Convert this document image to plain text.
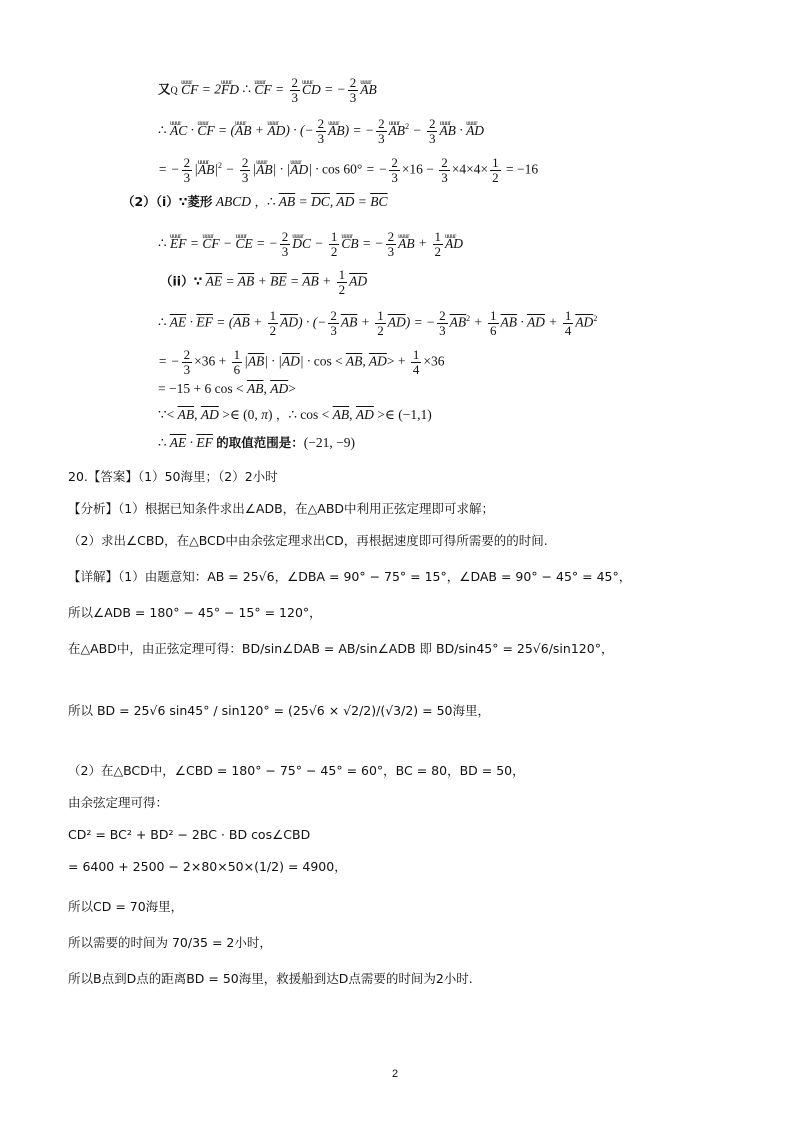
又Q uuur CF = 2uuur FD ∴ uuur CF = $\frac{2}{3}$ uuur CD = − $\frac{2}{3}$ uuur AB
∴ uuur AC · uuur CF = (uuur AB + uuur AD) · (− $\frac{2}{3}$ uuur AB) = − $\frac{2}{3}$ uuur $AB^2 - \frac{2}{3}$ uuur AB · uuur AD
= − $\frac{2}{3}$ |uuur $AB|^2 - \frac{2}{3}$ |uuur AB| · |uuur AD| · cos 60° = − $\frac{2}{3} \times 16 - \frac{2}{3} \times 4\times 4\times \frac{1}{2} = -16$
（2）（i）∵菱形 ABCD ，∴ $\overline{AB} = \overline{DC}$, $\overline{AD} = \overline{BC}$
∴ uuur EF = uuur CF − uuur CE = − $\frac{2}{3}$ uuur DC − $\frac{1}{2}$ uuur CB = − $\frac{2}{3}$ uuur AB + $\frac{1}{2}$ uuur AD
（ii）∵ $\overline{AE} = \overline{AB} + \overline{BE} = \overline{AB} + \frac{1}{2} \overline{AD}$
∴ $\overline{AE} \cdot \overline{EF} = (\overline{AB} + \frac{1}{2} \overline{AD})$ · (− $\frac{2}{3} \overline{AB} + \frac{1}{2} \overline{AD}$) = − $\frac{2}{3} \overline{AB}^2 + \frac{1}{6} \overline{AB} \cdot \overline{AD} + \frac{1}{4} \overline{AD}^2$
= − $\frac{2}{3} \times 36 + \frac{1}{6} |\overline{AB}| \cdot |\overline{AD}| \cdot \cos < \overline{AB}$, $\overline{AD}> + \frac{1}{4} \times 36$
= −15 + 6 $\cos < \overline{AB}$, $\overline{AD}>$
∵< $\overline{AB}$, $\overline{AD}$ >∈ (0, π) ，∴ $\cos < \overline{AB}$, $\overline{AD}$ >∈ (−1,1)
∴ $\overline{AE} \cdot \overline{EF}$ 的取值范围是：(−21, −9)
20.【答案】（1）50海里；（2）2小时
【分析】（1）根据已知条件求出∠ADB，在△ABD中利用正弦定理即可求解；
（2）求出∠CBD，在△BCD中由余弦定理求出CD，再根据速度即可得所需要的的时间.
【详解】（1）由题意知：AB = 25√6，∠DBA = 90° − 75° = 15°，∠DAB = 90° − 45° = 45°，
所以∠ADB = 180° − 45° − 15° = 120°，
在△ABD中，由正弦定理可得：BD/sin∠DAB = AB/sin∠ADB 即 BD/sin45° = 25√6/sin120°，
所以 BD = 25√6 sin45° / sin120° = (25√6 × √2/2)/(√3/2) = 50海里，
（2）在△BCD中，∠CBD = 180° − 75° − 45° = 60°，BC = 80，BD = 50，
由余弦定理可得：
CD² = BC² + BD² − 2BC · BD cos∠CBD
= 6400 + 2500 − 2×80×50×(1/2) = 4900，
所以CD = 70海里，
所以需要的时间为 70/35 = 2小时，
所以B点到D点的距离BD = 50海里，救援船到达D点需要的时间为2小时.
2
